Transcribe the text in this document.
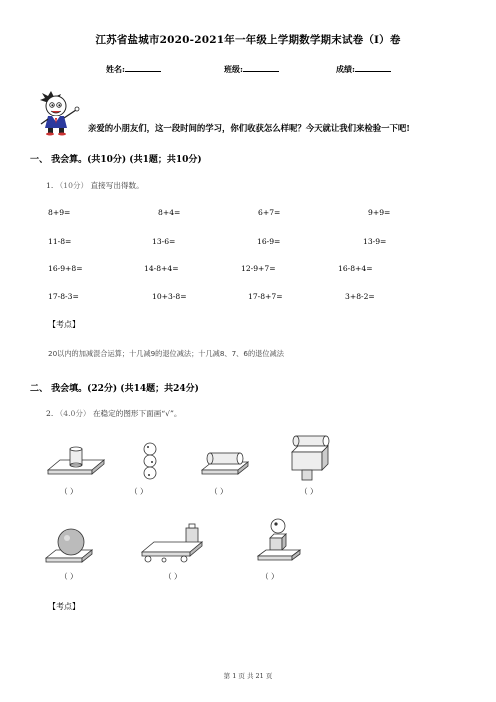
江苏省盐城市2020-2021年一年级上学期数学期末试卷（I）卷
姓名:	班级:	成绩:
亲爱的小朋友们，这一段时间的学习，你们收获怎么样呢？今天就让我们来检验一下吧!
一、 我会算。(共10分) (共1题；共10分)
1. （10分） 直接写出得数。
8+9=	8+4=	6+7=	9+9=
11-8=	13-6=	16-9=	13-9=
16-9+8=	14-8+4=	12-9+7=	16-8+4=
17-8-3=	10+3-8=	17-8+7=	3+8-2=
【考点】
20以内的加减混合运算；十几减9的退位减法；十几减8、7、6的退位减法
二、 我会填。(22分) (共14题；共24分)
2. （4.0分） 在稳定的图形下面画“√”。
（ ）	（ ）	（ ）	（ ）
（ ）	（ ）	（ ）
【考点】
第 1 页 共 21 页
